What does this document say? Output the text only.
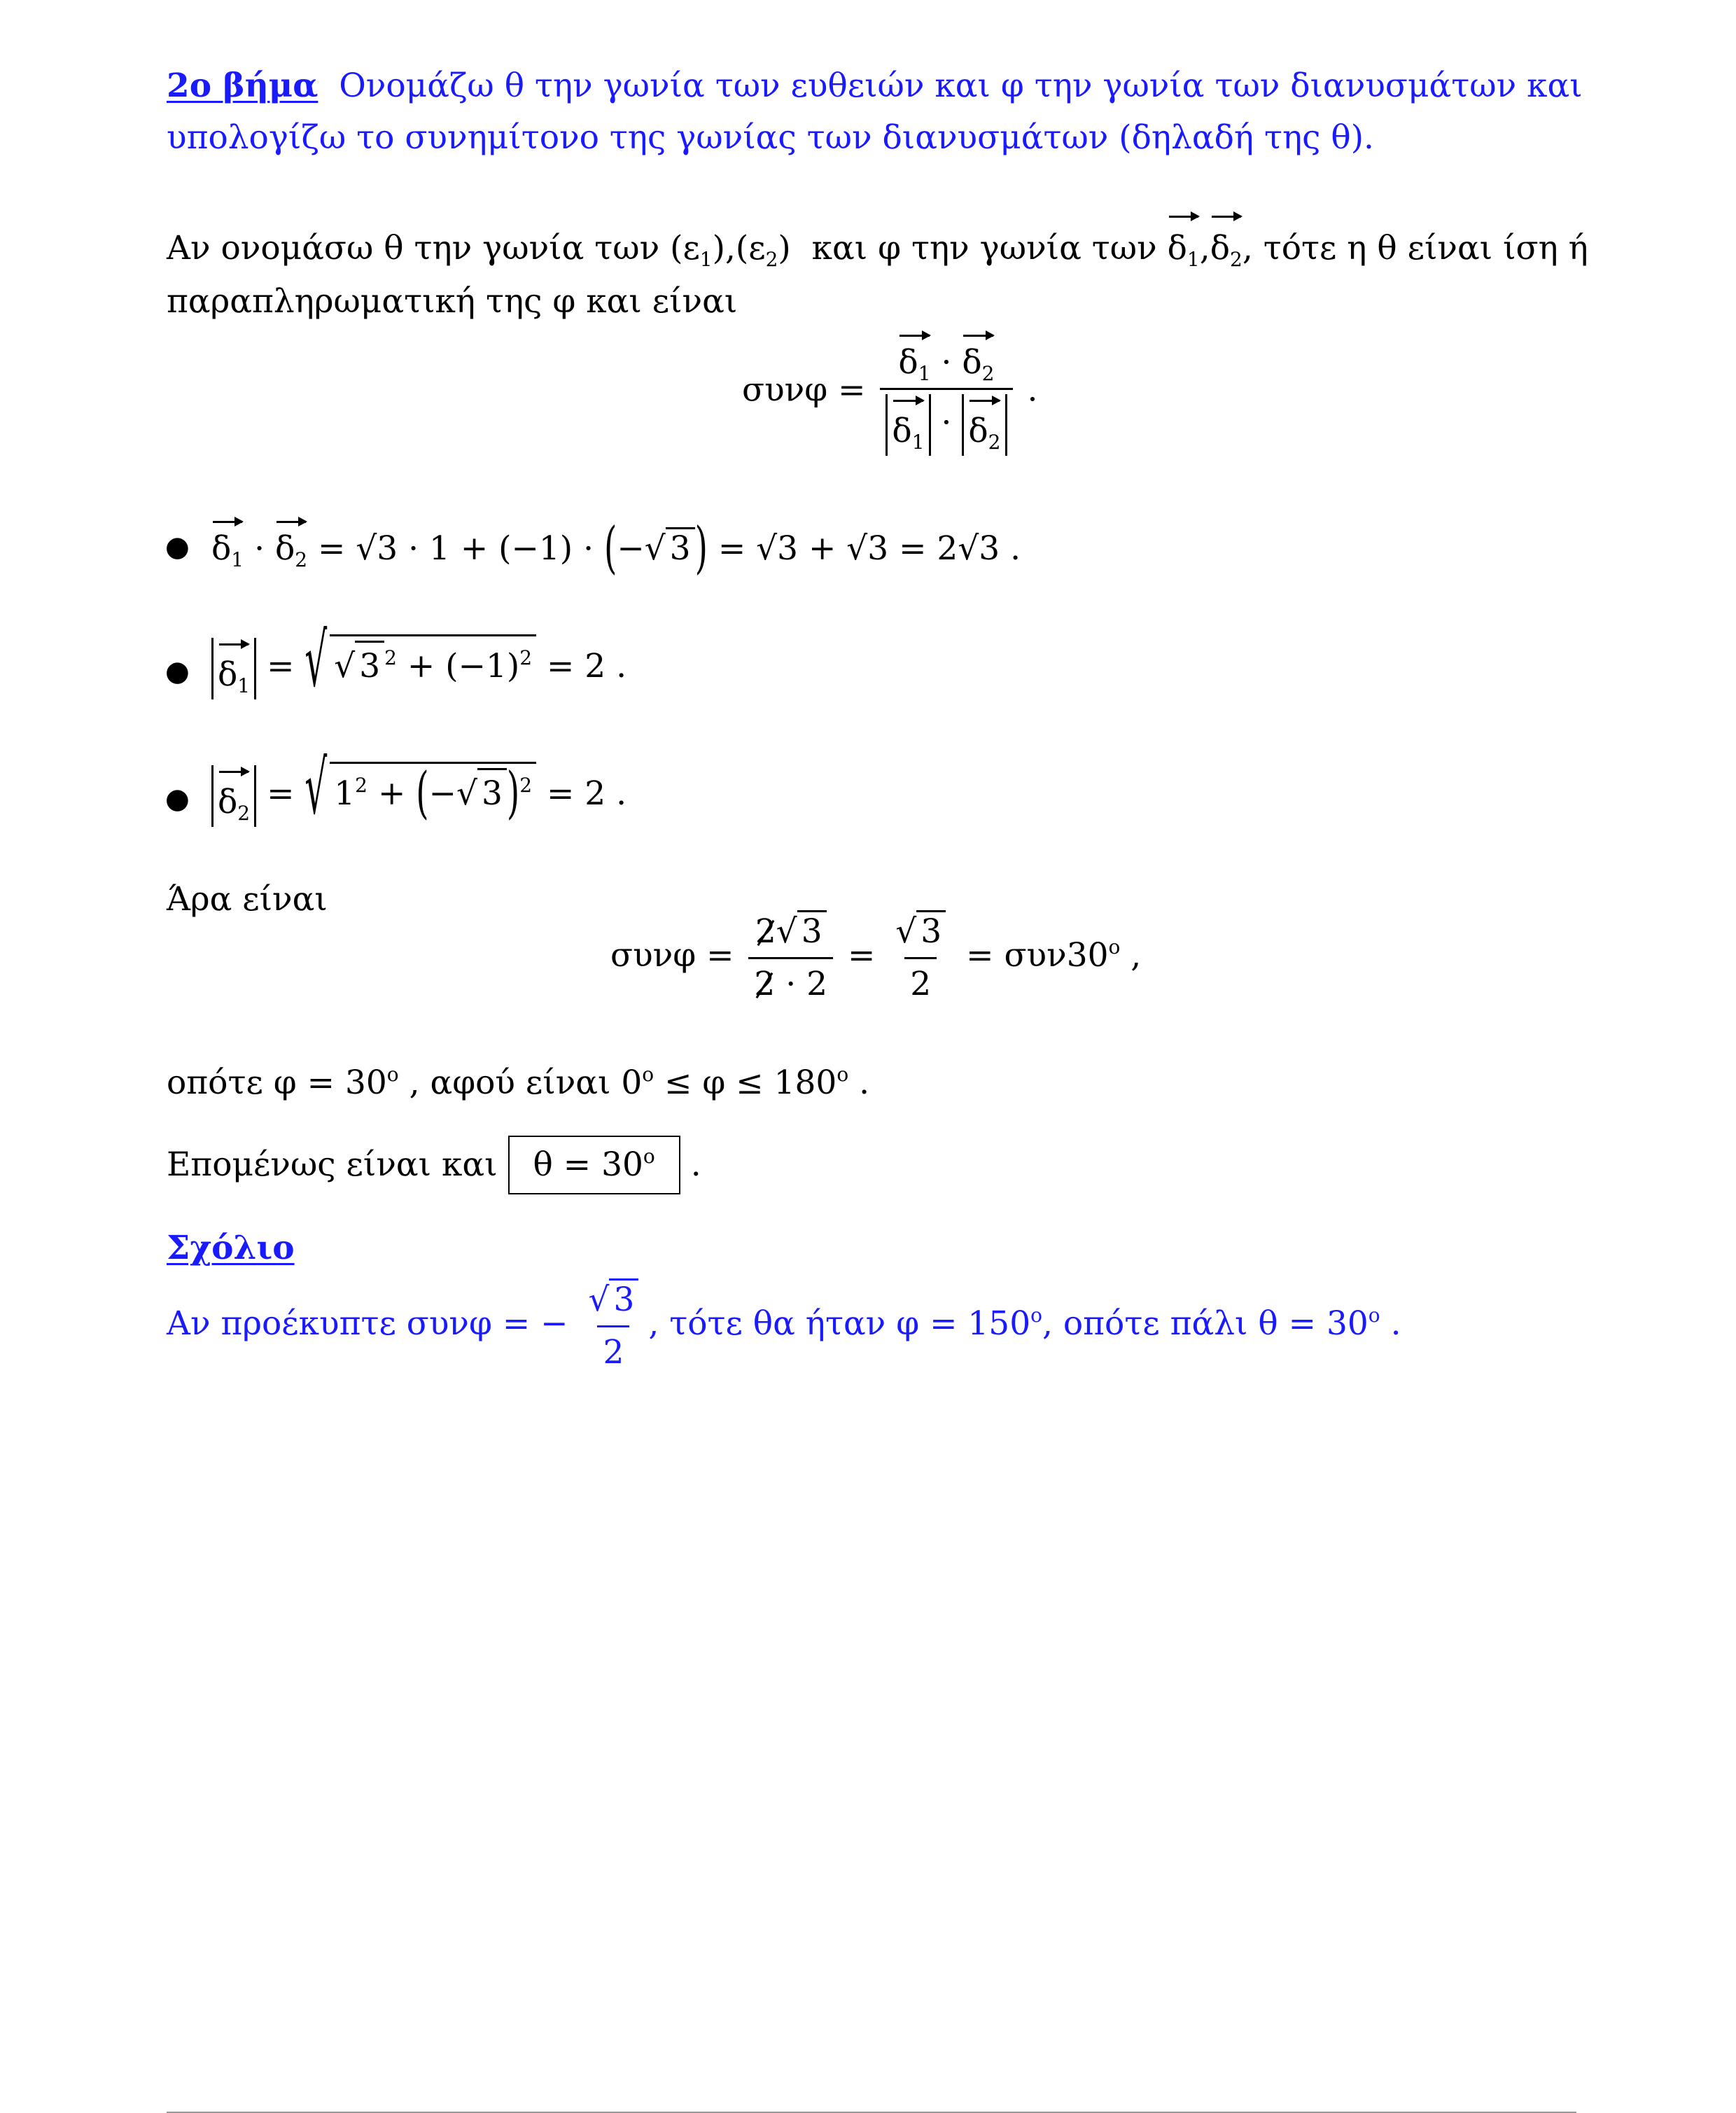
2ο βήμα Ονομάζω θ την γωνία των ευθειών και φ την γωνία των διανυσμάτων και
υπολογίζω το συνημίτονο της γωνίας των διανυσμάτων (δηλαδή της θ).
Αν ονομάσω θ την γωνία των $(\varepsilon_1),(\varepsilon_2)$ και φ την γωνία των $\delta_1,\delta_2$, τότε η θ είναι ίση ή
παραπληρωματική της φ και είναι
$\sigma\upsilon\nu\varphi = \frac{\delta_1 \cdot \delta_2}{\delta_1 \cdot \delta_2}$ .
● $\delta_1 \cdot \delta_2 = √3 \cdot 1 + (-1)$ · (−√ 3 ) = √3 + √3 = 2√3 .
● $\delta_1$ = √ √ 3 $^2 + (-1)^2 = 2$ .
● $\delta_2$ = √ $1^2$ + (−√ 3 )$^2$ = 2 .
Άρα είναι
$\sigma\upsilon\nu\varphi = \frac{2√ 3}{2 \cdot 2} = \frac{√ 3}{2} = \sigma\upsilon\nu 30^o$ ,
οπότε $\varphi = 30^o$ , αφού είναι $0^o \le \varphi \le 180^o$ .
Επομένως είναι και $\theta = 30^o$ .
Σχόλιο
Αν προέκυπτε συνφ = − $\frac{√ 3}{2}$ , τότε θα ήταν $\varphi = 150^o$, οπότε πάλι $\theta = 30^o$ .
